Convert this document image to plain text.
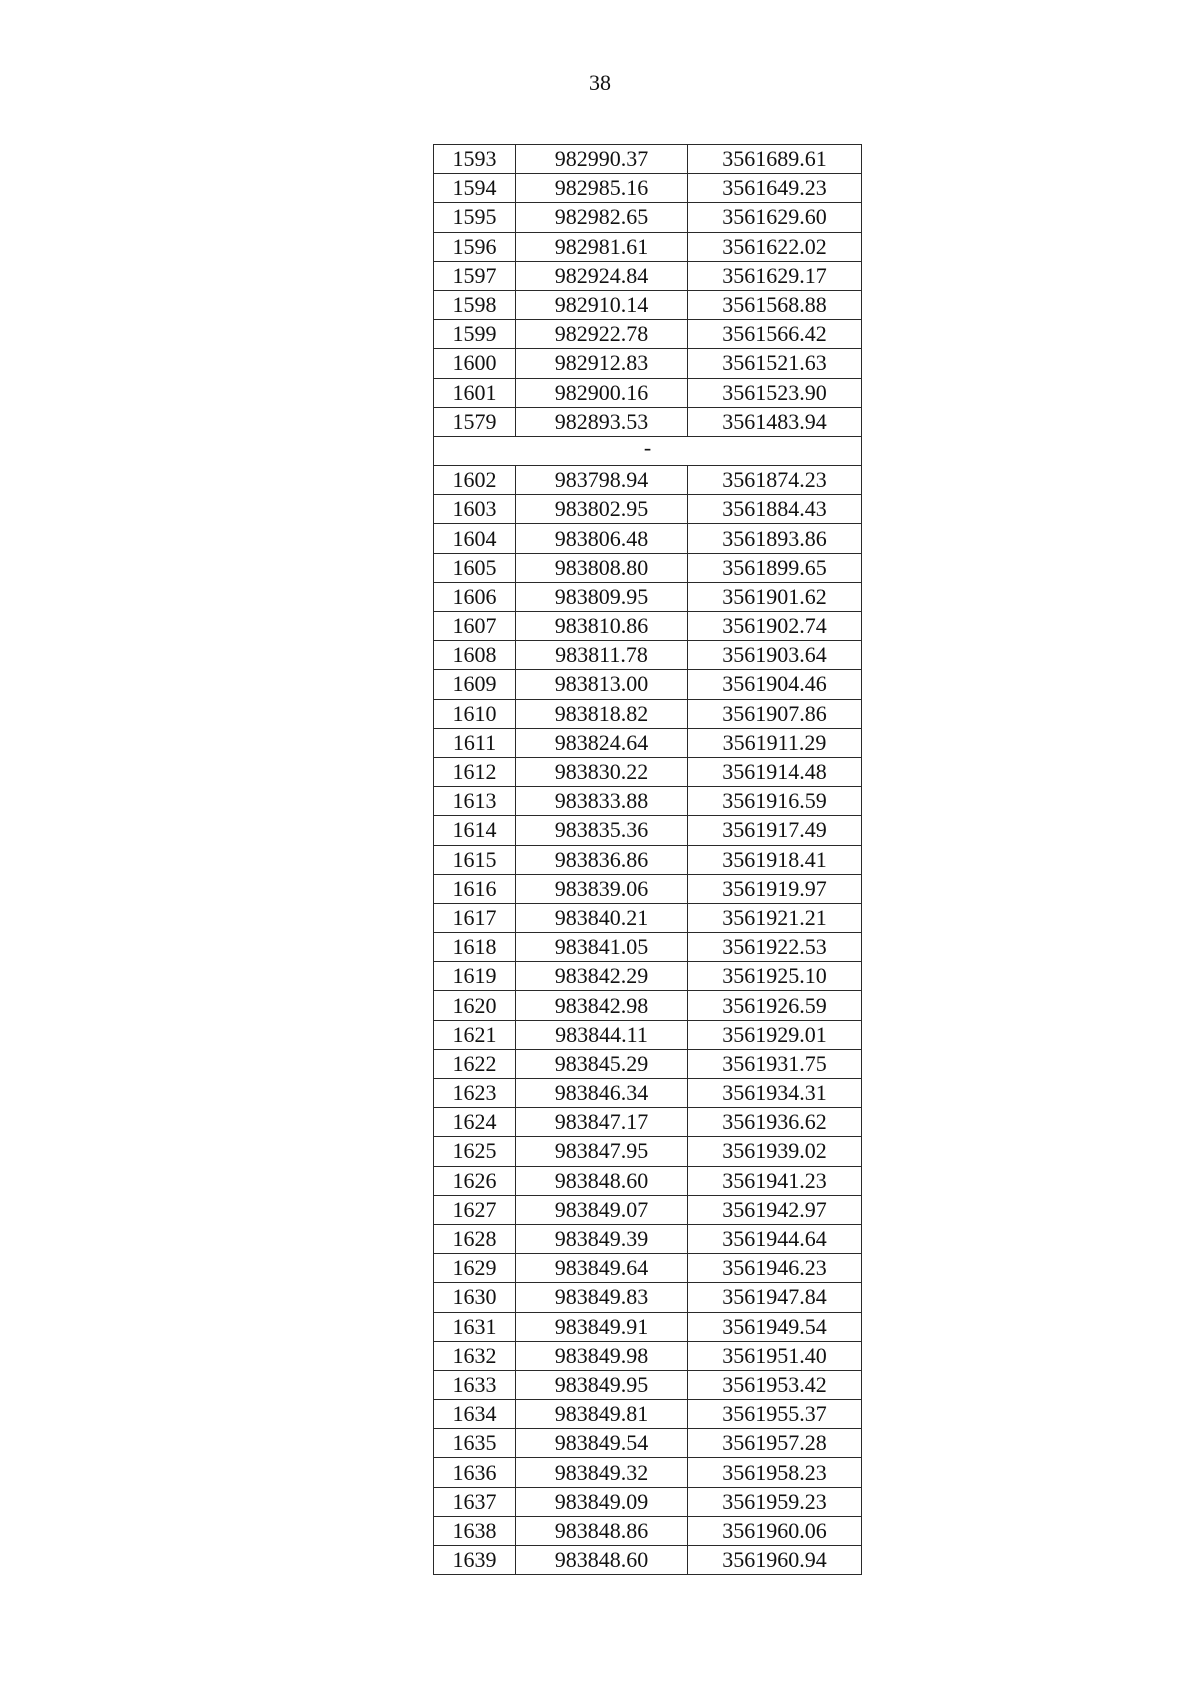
38
1593	982990.37	3561689.61
1594	982985.16	3561649.23
1595	982982.65	3561629.60
1596	982981.61	3561622.02
1597	982924.84	3561629.17
1598	982910.14	3561568.88
1599	982922.78	3561566.42
1600	982912.83	3561521.63
1601	982900.16	3561523.90
1579	982893.53	3561483.94
-		
1602	983798.94	3561874.23
1603	983802.95	3561884.43
1604	983806.48	3561893.86
1605	983808.80	3561899.65
1606	983809.95	3561901.62
1607	983810.86	3561902.74
1608	983811.78	3561903.64
1609	983813.00	3561904.46
1610	983818.82	3561907.86
1611	983824.64	3561911.29
1612	983830.22	3561914.48
1613	983833.88	3561916.59
1614	983835.36	3561917.49
1615	983836.86	3561918.41
1616	983839.06	3561919.97
1617	983840.21	3561921.21
1618	983841.05	3561922.53
1619	983842.29	3561925.10
1620	983842.98	3561926.59
1621	983844.11	3561929.01
1622	983845.29	3561931.75
1623	983846.34	3561934.31
1624	983847.17	3561936.62
1625	983847.95	3561939.02
1626	983848.60	3561941.23
1627	983849.07	3561942.97
1628	983849.39	3561944.64
1629	983849.64	3561946.23
1630	983849.83	3561947.84
1631	983849.91	3561949.54
1632	983849.98	3561951.40
1633	983849.95	3561953.42
1634	983849.81	3561955.37
1635	983849.54	3561957.28
1636	983849.32	3561958.23
1637	983849.09	3561959.23
1638	983848.86	3561960.06
1639	983848.60	3561960.94
